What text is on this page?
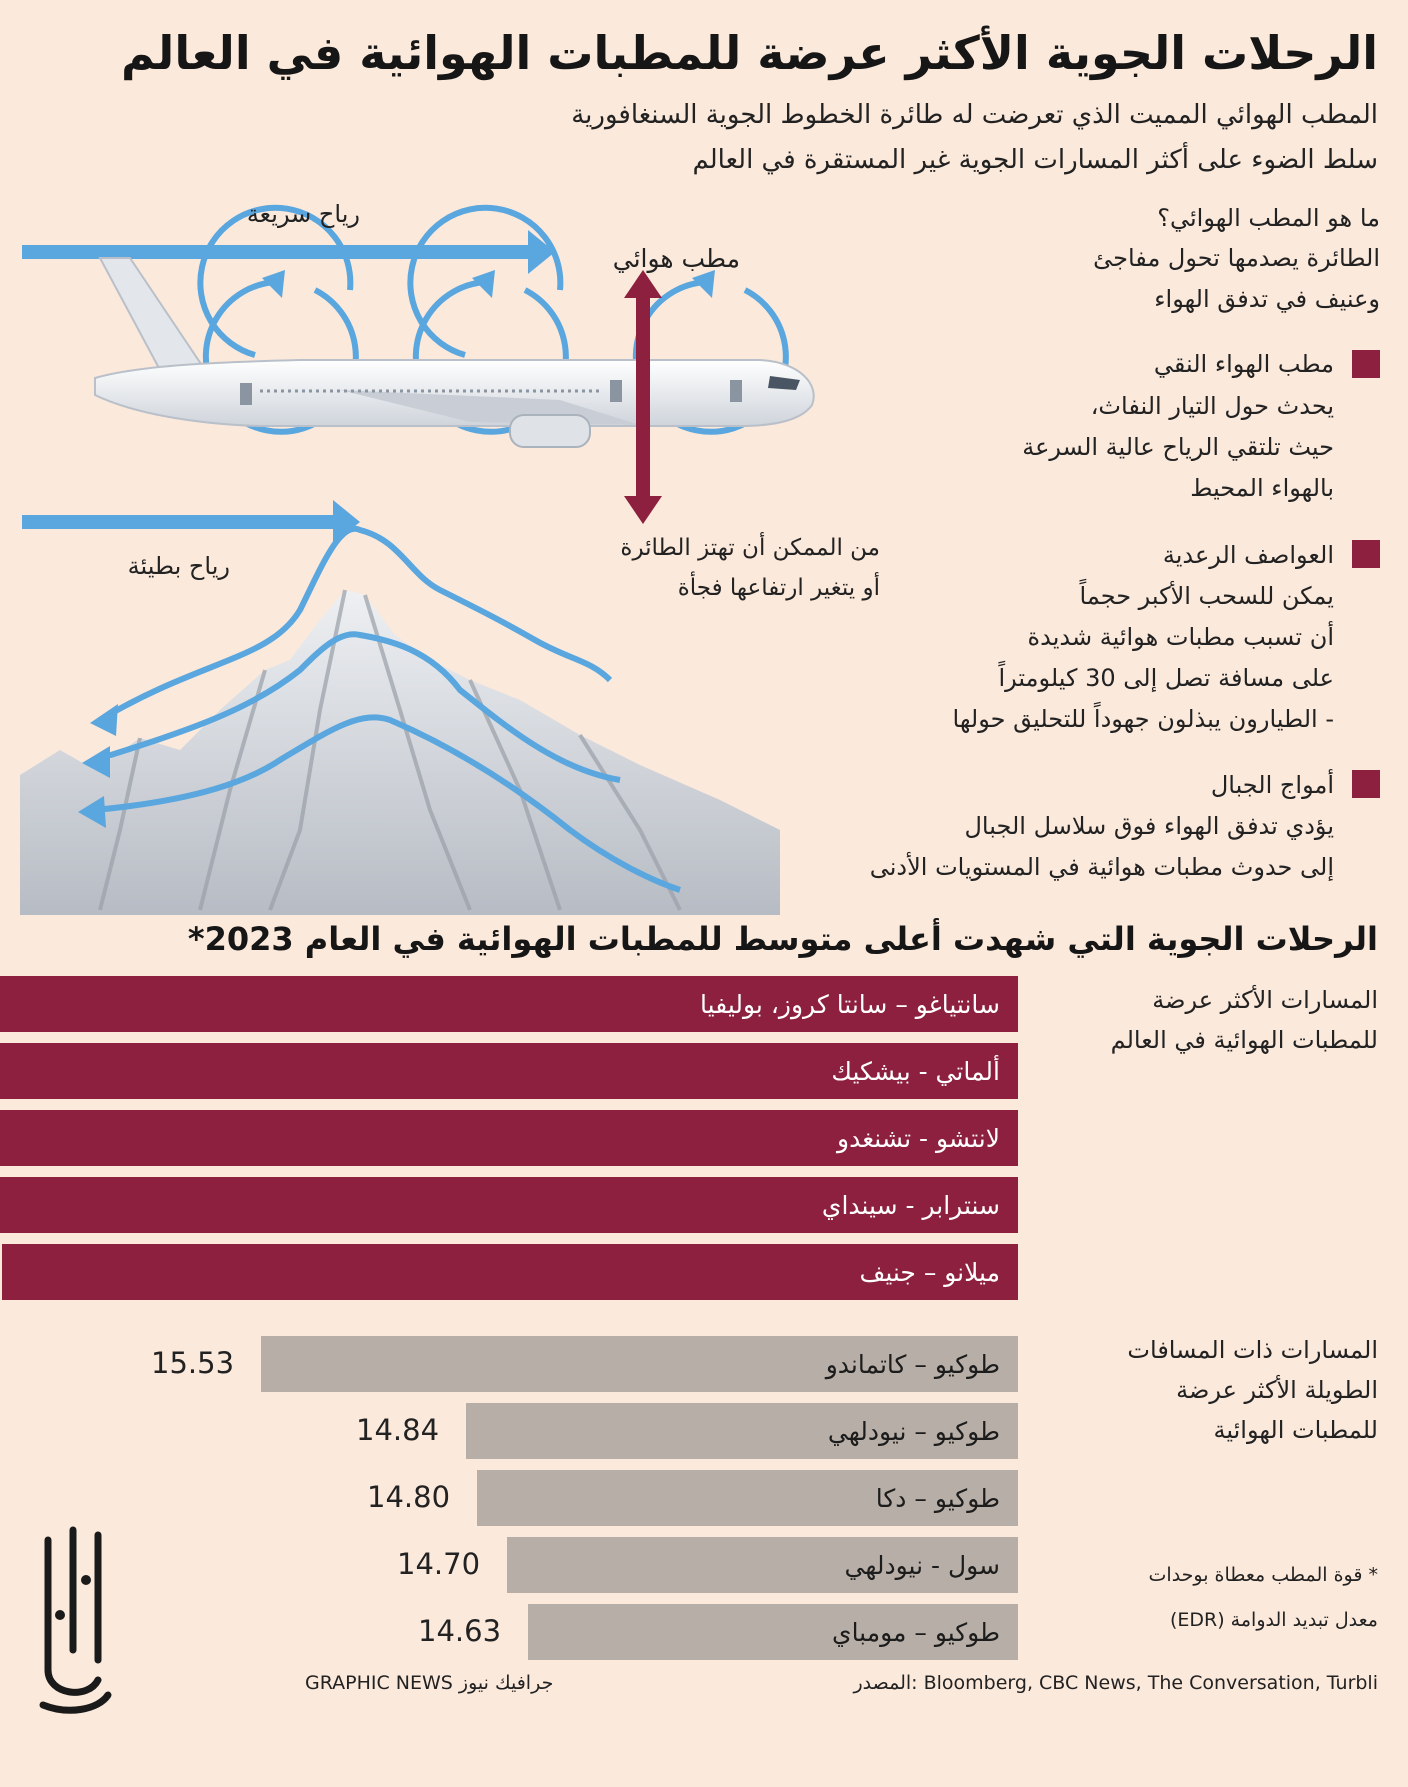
الرحلات الجوية الأكثر عرضة للمطبات الهوائية في العالم
المطب الهوائي المميت الذي تعرضت له طائرة الخطوط الجوية السنغافورية
سلط الضوء على أكثر المسارات الجوية غير المستقرة في العالم
رياح سريعة
رياح بطيئة
مطب هوائي
من الممكن أن تهتز الطائرة
أو يتغير ارتفاعها فجأة
ما هو المطب الهوائي؟
الطائرة يصدمها تحول مفاجئ
وعنيف في تدفق الهواء
مطب الهواء النقي
يحدث حول التيار النفاث،
حيث تلتقي الرياح عالية السرعة
بالهواء المحيط
العواصف الرعدية
يمكن للسحب الأكبر حجماً
أن تسبب مطبات هوائية شديدة
على مسافة تصل إلى 30 كيلومتراً
- الطيارون يبذلون جهوداً للتحليق حولها
أمواج الجبال
يؤدي تدفق الهواء فوق سلاسل الجبال
إلى حدوث مطبات هوائية في المستويات الأدنى
الرحلات الجوية التي شهدت أعلى متوسط للمطبات الهوائية في العام 2023*
المسارات الأكثر عرضة
للمطبات الهوائية في العالم
المسارات ذات المسافات
الطويلة الأكثر عرضة
للمطبات الهوائية
سانتياغو – سانتا كروز، بوليفيا
ألماتي - بيشكيك
لانتشو - تشنغدو
سنترابر - سينداي
ميلانو – جنيف
طوكيو – كاتماندو
15.53
طوكيو – نيودلهي
14.84
طوكيو – دكا
14.80
سول - نيودلهي
14.70
طوكيو – مومباي
14.63
* قوة المطب معطاة بوحدات
معدل تبديد الدوامة (EDR)
المصدر: Bloomberg, CBC News, The Conversation, Turbli
GRAPHIC NEWS جرافيك نيوز
